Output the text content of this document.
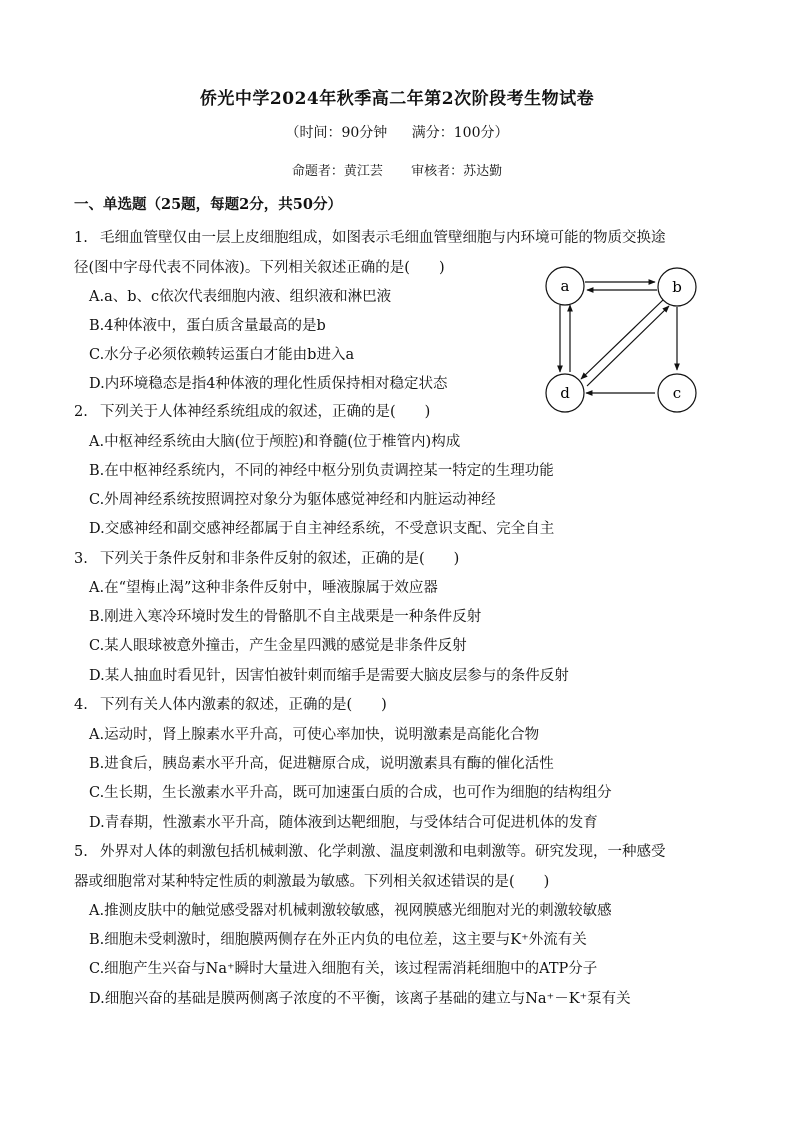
侨光中学2024年秋季高二年第2次阶段考生物试卷
（时间：90分钟 满分：100分）
命题者：黄江芸 审核者：苏达勤
一、单选题（25题，每题2分，共50分）
1. 毛细血管壁仅由一层上皮细胞组成，如图表示毛细血管壁细胞与内环境可能的物质交换途
径(图中字母代表不同体液)。下列相关叙述正确的是(　　)
A.a、b、c依次代表细胞内液、组织液和淋巴液
B.4种体液中，蛋白质含量最高的是b
C.水分子必须依赖转运蛋白才能由b进入a
D.内环境稳态是指4种体液的理化性质保持相对稳定状态
a	b
c
d
2. 下列关于人体神经系统组成的叙述，正确的是(　　)
A.中枢神经系统由大脑(位于颅腔)和脊髓(位于椎管内)构成
B.在中枢神经系统内，不同的神经中枢分别负责调控某一特定的生理功能
C.外周神经系统按照调控对象分为躯体感觉神经和内脏运动神经
D.交感神经和副交感神经都属于自主神经系统，不受意识支配、完全自主
3. 下列关于条件反射和非条件反射的叙述，正确的是(　　)
A.在“望梅止渴”这种非条件反射中，唾液腺属于效应器
B.刚进入寒冷环境时发生的骨骼肌不自主战栗是一种条件反射
C.某人眼球被意外撞击，产生金星四溅的感觉是非条件反射
D.某人抽血时看见针，因害怕被针刺而缩手是需要大脑皮层参与的条件反射
4. 下列有关人体内激素的叙述，正确的是(　　)
A.运动时，肾上腺素水平升高，可使心率加快，说明激素是高能化合物
B.进食后，胰岛素水平升高，促进糖原合成，说明激素具有酶的催化活性
C.生长期，生长激素水平升高，既可加速蛋白质的合成，也可作为细胞的结构组分
D.青春期，性激素水平升高，随体液到达靶细胞，与受体结合可促进机体的发育
5. 外界对人体的刺激包括机械刺激、化学刺激、温度刺激和电刺激等。研究发现，一种感受
器或细胞常对某种特定性质的刺激最为敏感。下列相关叙述错误的是(　　)
A.推测皮肤中的触觉感受器对机械刺激较敏感，视网膜感光细胞对光的刺激较敏感
B.细胞未受刺激时，细胞膜两侧存在外正内负的电位差，这主要与K⁺外流有关
C.细胞产生兴奋与Na⁺瞬时大量进入细胞有关，该过程需消耗细胞中的ATP分子
D.细胞兴奋的基础是膜两侧离子浓度的不平衡，该离子基础的建立与Na⁺－K⁺泵有关
